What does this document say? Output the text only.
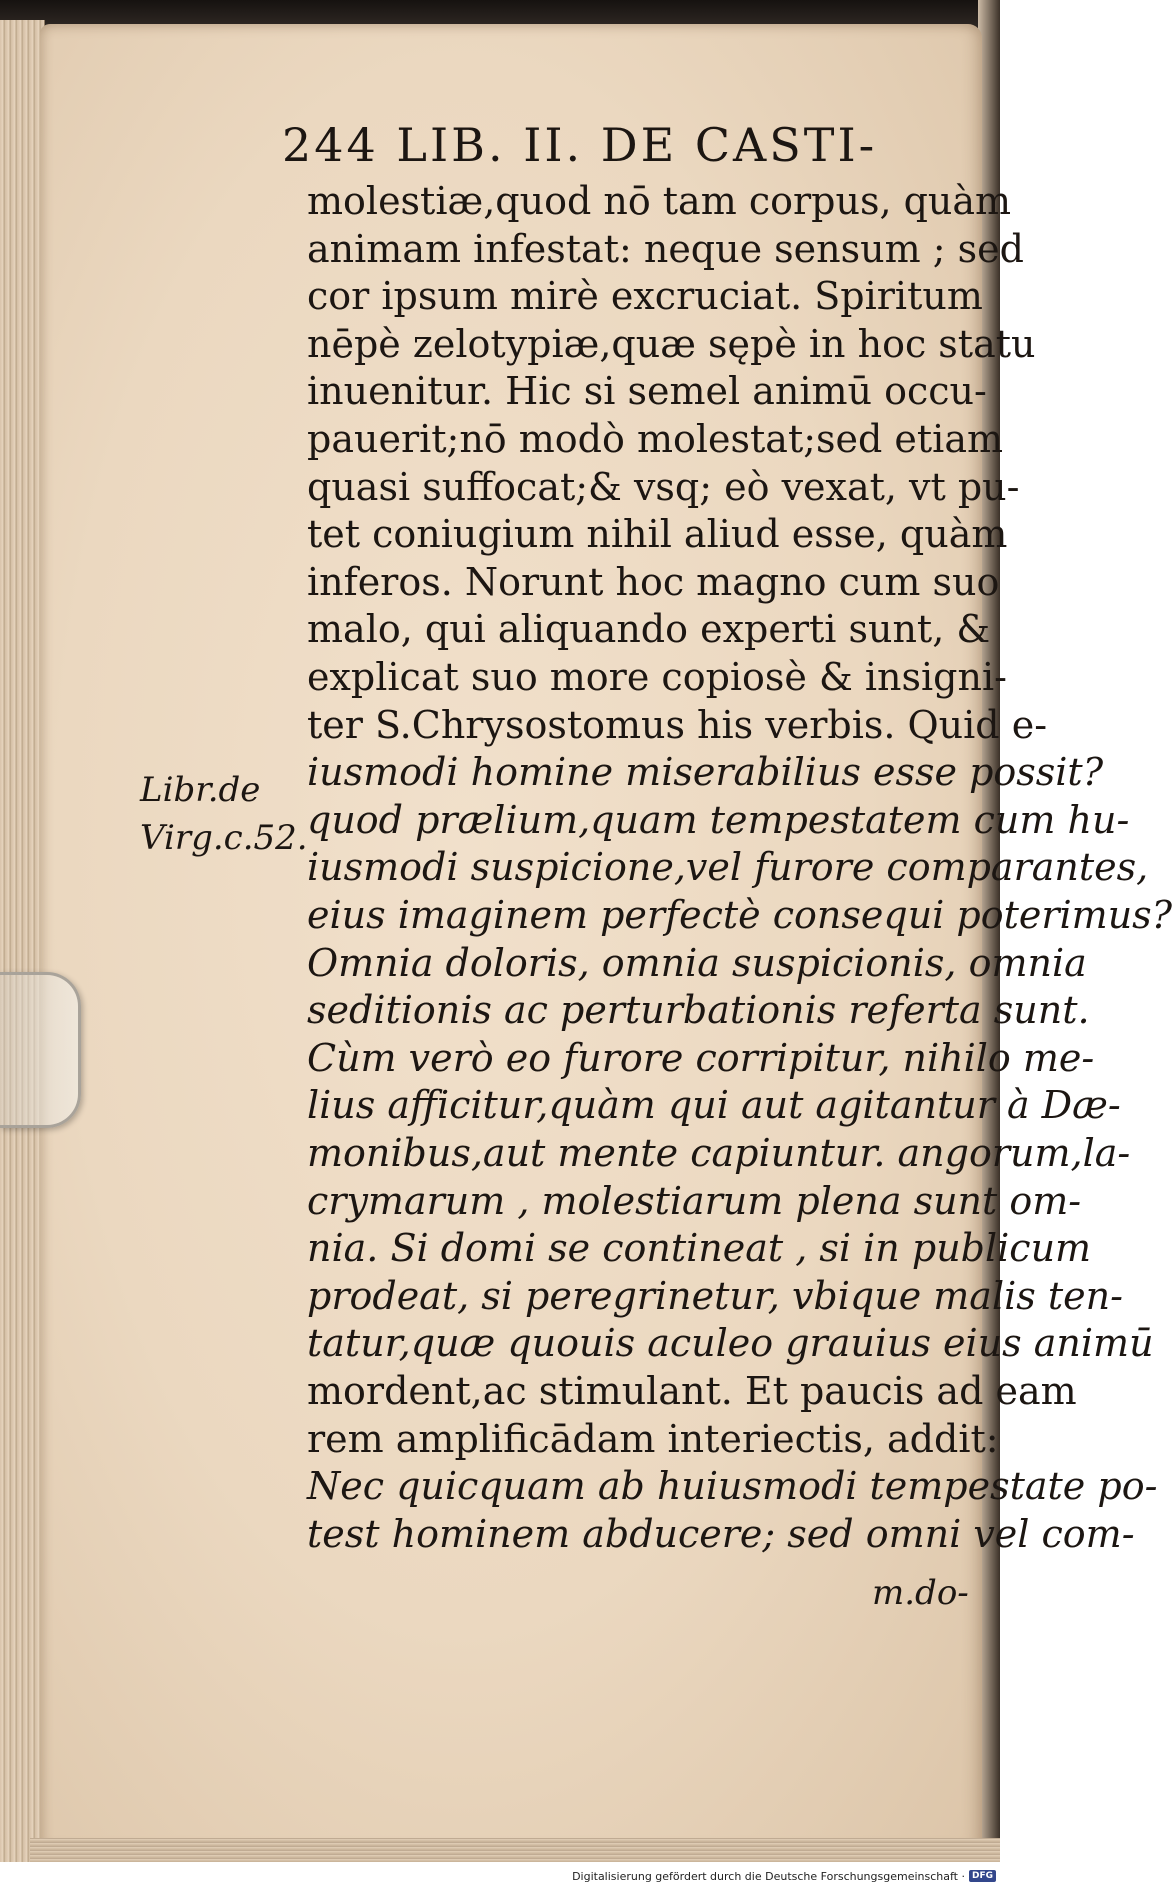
244 LIB. II. DE CASTI-

Libr.de

Virg.c.52.

molestiæ,quod nō tam corpus, quàm

animam infestat: neque sensum ; sed

cor ipsum mirè excruciat. Spiritum

nēpè zelotypiæ,quæ sępè in hoc statu

inuenitur. Hic si semel animū occu-

pauerit;nō modò molestat;sed etiam

quasi suffocat;& vsq; eò vexat, vt pu-

tet coniugium nihil aliud esse, quàm

inferos. Norunt hoc magno cum suo

malo, qui aliquando experti sunt, &

explicat suo more copiosè & insigni-

ter S.Chrysostomus his verbis. Quid e-

iusmodi homine miserabilius esse possit?

quod prælium,quam tempestatem cum hu-

iusmodi suspicione,vel furore comparantes,

eius imaginem perfectè consequi poterimus?

Omnia doloris, omnia suspicionis, omnia

seditionis ac perturbationis referta sunt.

Cùm verò eo furore corripitur, nihilo me-

lius afficitur,quàm qui aut agitantur à Dæ-

monibus,aut mente capiuntur. angorum,la-

crymarum , molestiarum plena sunt om-

nia. Si domi se contineat , si in publicum

prodeat, si peregrinetur, vbique malis ten-

tatur,quæ quouis aculeo grauius eius animū

mordent,ac stimulant. Et paucis ad eam

rem amplificādam interiectis, addit:

Nec quicquam ab huiusmodi tempestate po-

test hominem abducere; sed omni vel com-

m.do-

Digitalisierung gefördert durch die Deutsche Forschungsgemeinschaft · DFG
